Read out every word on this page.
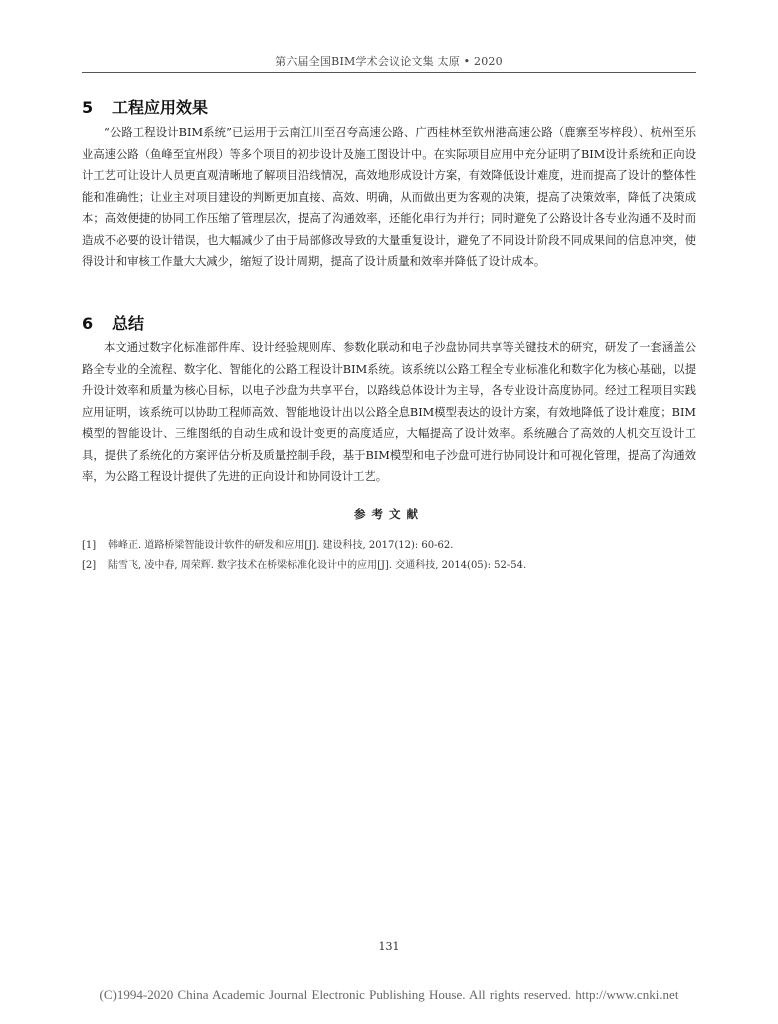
第六届全国BIM学术会议论文集 太原 • 2020
5 工程应用效果
“公路工程设计BIM系统”已运用于云南江川至召夸高速公路、广西桂林至钦州港高速公路（鹿寨至岑梓段）、杭州至乐业高速公路（鱼峰至宜州段）等多个项目的初步设计及施工图设计中。在实际项目应用中充分证明了BIM设计系统和正向设计工艺可让设计人员更直观清晰地了解项目沿线情况，高效地形成设计方案，有效降低设计难度，进而提高了设计的整体性能和准确性；让业主对项目建设的判断更加直接、高效、明确，从而做出更为客观的决策，提高了决策效率，降低了决策成本；高效便捷的协同工作压缩了管理层次，提高了沟通效率，还能化串行为并行；同时避免了公路设计各专业沟通不及时而造成不必要的设计错误，也大幅减少了由于局部修改导致的大量重复设计，避免了不同设计阶段不同成果间的信息冲突，使得设计和审核工作量大大减少，缩短了设计周期，提高了设计质量和效率并降低了设计成本。
6 总结
本文通过数字化标准部件库、设计经验规则库、参数化联动和电子沙盘协同共享等关键技术的研究，研发了一套涵盖公路全专业的全流程、数字化、智能化的公路工程设计BIM系统。该系统以公路工程全专业标准化和数字化为核心基础，以提升设计效率和质量为核心目标，以电子沙盘为共享平台，以路线总体设计为主导，各专业设计高度协同。经过工程项目实践应用证明，该系统可以协助工程师高效、智能地设计出以公路全息BIM模型表达的设计方案，有效地降低了设计难度；BIM模型的智能设计、三维图纸的自动生成和设计变更的高度适应，大幅提高了设计效率。系统融合了高效的人机交互设计工具，提供了系统化的方案评估分析及质量控制手段，基于BIM模型和电子沙盘可进行协同设计和可视化管理，提高了沟通效率，为公路工程设计提供了先进的正向设计和协同设计工艺。
参考文献
[1] 韩峰正. 道路桥梁智能设计软件的研发和应用[J]. 建设科技, 2017(12): 60-62.
[2] 陆雪飞, 凌中春, 周荣辉. 数字技术在桥梁标准化设计中的应用[J]. 交通科技, 2014(05): 52-54.
131
(C)1994-2020 China Academic Journal Electronic Publishing House. All rights reserved. http://www.cnki.net
